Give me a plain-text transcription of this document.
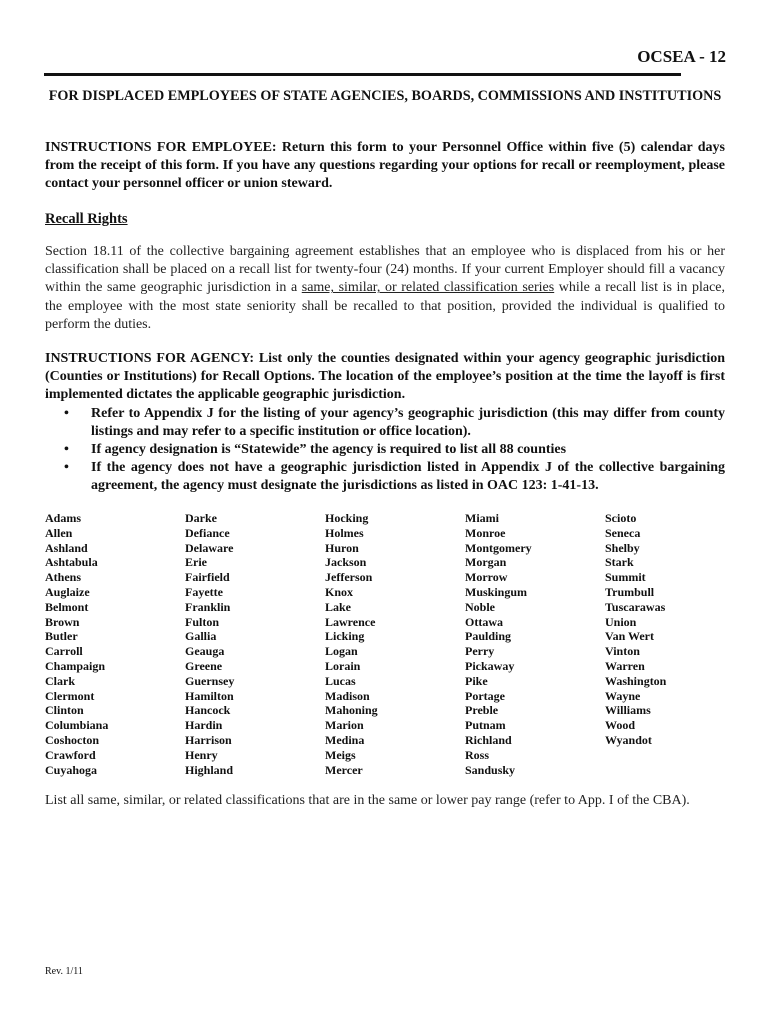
OCSEA - 12
FOR DISPLACED EMPLOYEES OF STATE AGENCIES, BOARDS, COMMISSIONS AND INSTITUTIONS
INSTRUCTIONS FOR EMPLOYEE: Return this form to your Personnel Office within five (5) calendar days from the receipt of this form. If you have any questions regarding your options for recall or reemployment, please contact your personnel officer or union steward.
Recall Rights
Section 18.11 of the collective bargaining agreement establishes that an employee who is displaced from his or her classification shall be placed on a recall list for twenty-four (24) months. If your current Employer should fill a vacancy within the same geographic jurisdiction in a same, similar, or related classification series while a recall list is in place, the employee with the most state seniority shall be recalled to that position, provided the individual is qualified to perform the duties.
INSTRUCTIONS FOR AGENCY: List only the counties designated within your agency geographic jurisdiction (Counties or Institutions) for Recall Options. The location of the employee’s position at the time the layoff is first implemented dictates the applicable geographic jurisdiction.
• Refer to Appendix J for the listing of your agency’s geographic jurisdiction (this may differ from county listings and may refer to a specific institution or office location).
• If agency designation is “Statewide” the agency is required to list all 88 counties
• If the agency does not have a geographic jurisdiction listed in Appendix J of the collective bargaining agreement, the agency must designate the jurisdictions as listed in OAC 123: 1-41-13.
Adams
Allen
Ashland
Ashtabula
Athens
Auglaize
Belmont
Brown
Butler
Carroll
Champaign
Clark
Clermont
Clinton
Columbiana
Coshocton
Crawford
Cuyahoga
Darke
Defiance
Delaware
Erie
Fairfield
Fayette
Franklin
Fulton
Gallia
Geauga
Greene
Guernsey
Hamilton
Hancock
Hardin
Harrison
Henry
Highland
Hocking
Holmes
Huron
Jackson
Jefferson
Knox
Lake
Lawrence
Licking
Logan
Lorain
Lucas
Madison
Mahoning
Marion
Medina
Meigs
Mercer
Miami
Monroe
Montgomery
Morgan
Morrow
Muskingum
Noble
Ottawa
Paulding
Perry
Pickaway
Pike
Portage
Preble
Putnam
Richland
Ross
Sandusky
Scioto
Seneca
Shelby
Stark
Summit
Trumbull
Tuscarawas
Union
Van Wert
Vinton
Warren
Washington
Wayne
Williams
Wood
Wyandot
List all same, similar, or related classifications that are in the same or lower pay range (refer to App. I of the CBA).
Rev. 1/11
